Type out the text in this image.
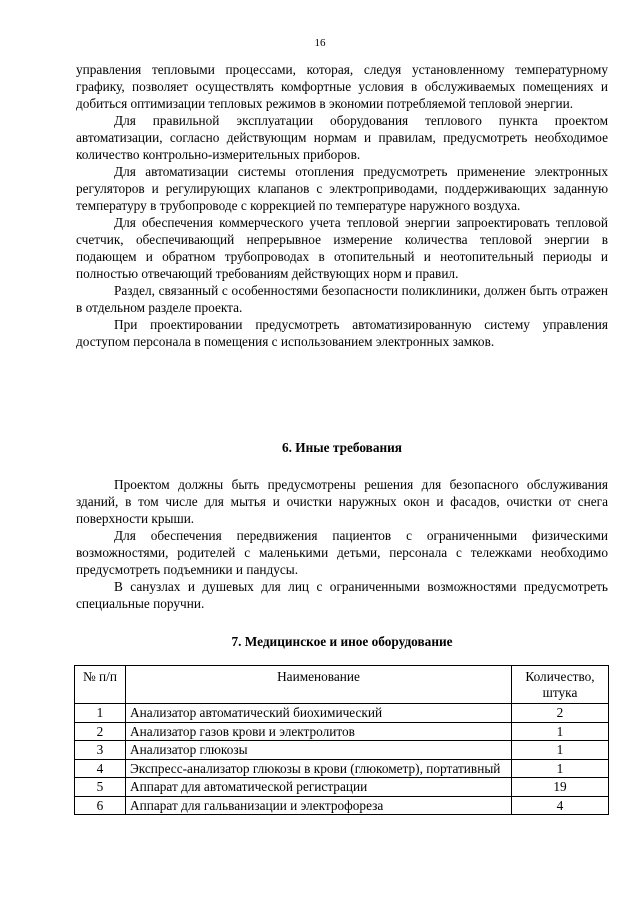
16

управления тепловыми процессами, которая, следуя установленному температурному графику, позволяет осуществлять комфортные условия в обслуживаемых помещениях и добиться оптимизации тепловых режимов в экономии потребляемой тепловой энергии.

Для правильной эксплуатации оборудования теплового пункта проектом автоматизации, согласно действующим нормам и правилам, предусмотреть необходимое количество контрольно-измерительных приборов.

Для автоматизации системы отопления предусмотреть применение электронных регуляторов и регулирующих клапанов с электроприводами, поддерживающих заданную температуру в трубопроводе с коррекцией по температуре наружного воздуха.

Для обеспечения коммерческого учета тепловой энергии запроектировать тепловой счетчик, обеспечивающий непрерывное измерение количества тепловой энергии в подающем и обратном трубопроводах в отопительный и неотопительный периоды и полностью отвечающий требованиям действующих норм и правил.

Раздел, связанный с особенностями безопасности поликлиники, должен быть отражен в отдельном разделе проекта.

При проектировании предусмотреть автоматизированную систему управления доступом персонала в помещения с использованием электронных замков.

6. Иные требования

Проектом должны быть предусмотрены решения для безопасного обслуживания зданий, в том числе для мытья и очистки наружных окон и фасадов, очистки от снега поверхности крыши.

Для обеспечения передвижения пациентов с ограниченными физическими возможностями, родителей с маленькими детьми, персонала с тележками необходимо предусмотреть подъемники и пандусы.

В санузлах и душевых для лиц с ограниченными возможностями предусмотреть специальные поручни.

7. Медицинское и иное оборудование
№ п/п	Наименование	Количество, штука
1	Анализатор автоматический биохимический	2
2	Анализатор газов крови и электролитов	1
3	Анализатор глюкозы	1
4	Экспресс-анализатор глюкозы в крови (глюкометр), портативный	1
5	Аппарат для автоматической регистрации	19
6	Аппарат для гальванизации и электрофореза	4
